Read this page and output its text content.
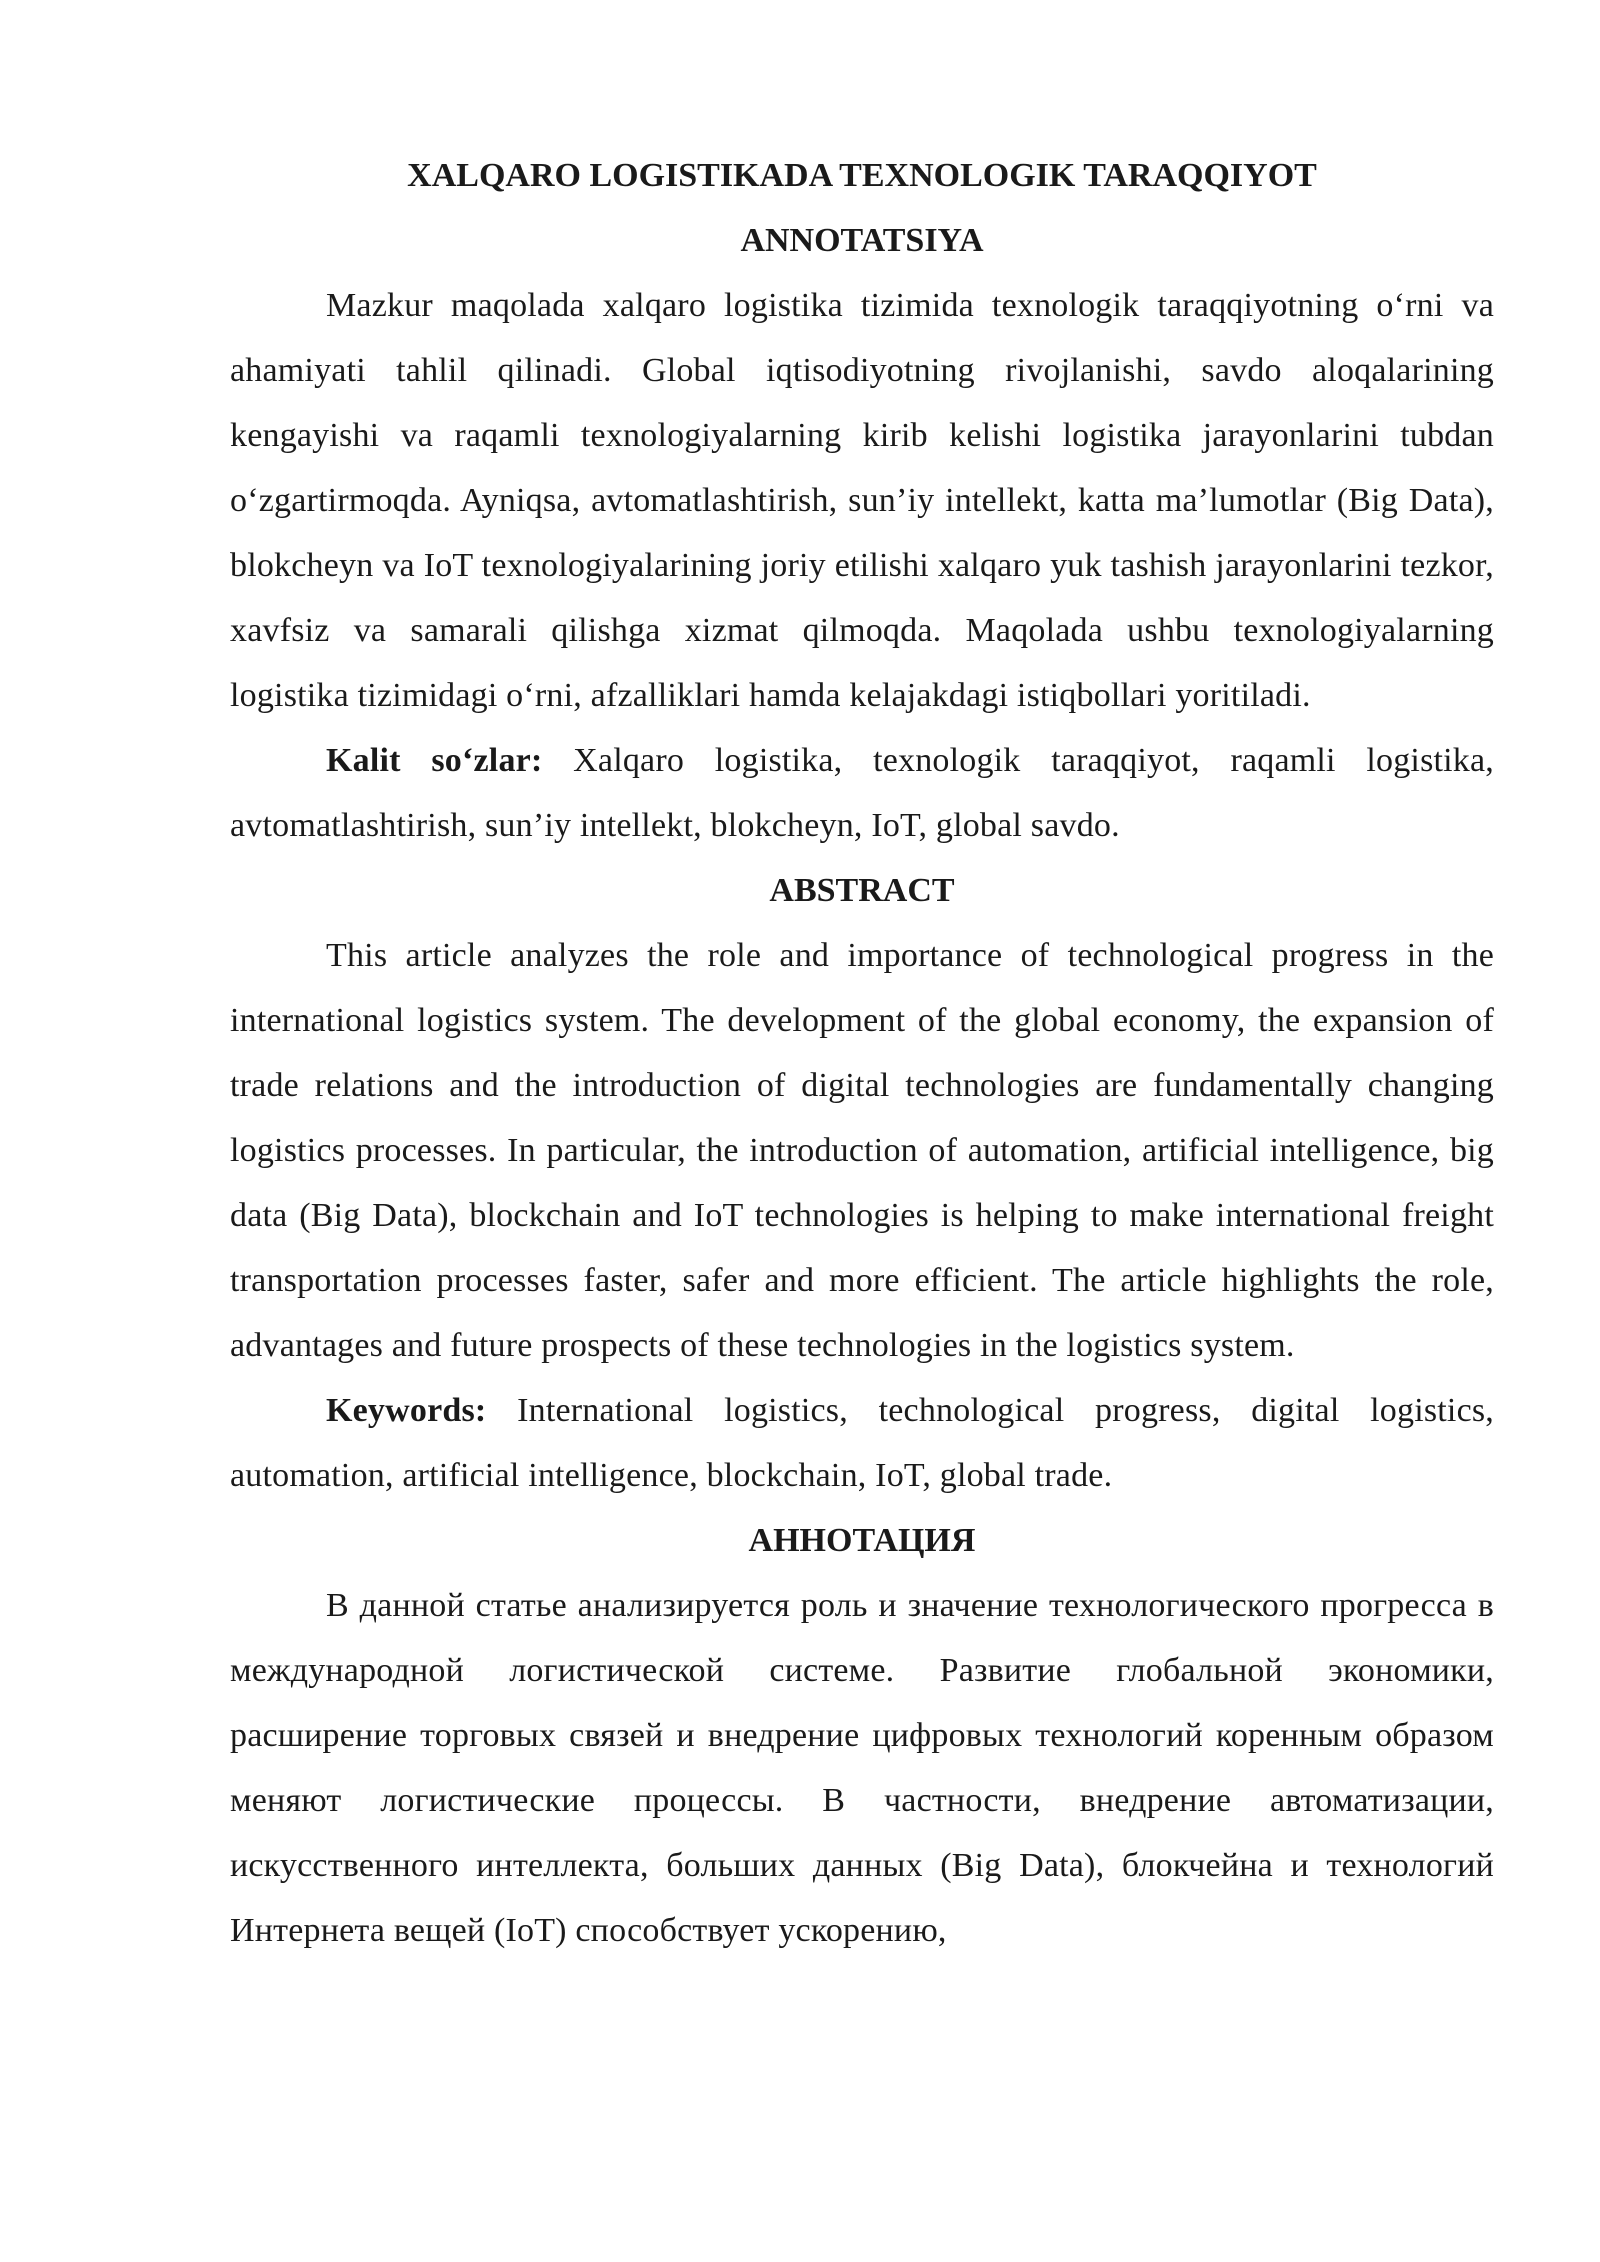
XALQARO LOGISTIKADA TEXNOLOGIK TARAQQIYOT

ANNOTATSIYA

Mazkur maqolada xalqaro logistika tizimida texnologik taraqqiyotning o‘rni va ahamiyati tahlil qilinadi. Global iqtisodiyotning rivojlanishi, savdo aloqalarining kengayishi va raqamli texnologiyalarning kirib kelishi logistika jarayonlarini tubdan o‘zgartirmoqda. Ayniqsa, avtomatlashtirish, sun’iy intellekt, katta ma’lumotlar (Big Data), blokcheyn va IoT texnologiyalarining joriy etilishi xalqaro yuk tashish jarayonlarini tezkor, xavfsiz va samarali qilishga xizmat qilmoqda. Maqolada ushbu texnologiyalarning logistika tizimidagi o‘rni, afzalliklari hamda kelajakdagi istiqbollari yoritiladi.

Kalit so‘zlar: Xalqaro logistika, texnologik taraqqiyot, raqamli logistika, avtomatlashtirish, sun’iy intellekt, blokcheyn, IoT, global savdo.

ABSTRACT

This article analyzes the role and importance of technological progress in the international logistics system. The development of the global economy, the expansion of trade relations and the introduction of digital technologies are fundamentally changing logistics processes. In particular, the introduction of automation, artificial intelligence, big data (Big Data), blockchain and IoT technologies is helping to make international freight transportation processes faster, safer and more efficient. The article highlights the role, advantages and future prospects of these technologies in the logistics system.

Keywords: International logistics, technological progress, digital logistics, automation, artificial intelligence, blockchain, IoT, global trade.

АННОТАЦИЯ

В данной статье анализируется роль и значение технологического прогресса в международной логистической системе. Развитие глобальной экономики, расширение торговых связей и внедрение цифровых технологий коренным образом меняют логистические процессы. В частности, внедрение автоматизации, искусственного интеллекта, больших данных (Big Data), блокчейна и технологий Интернета вещей (IoT) способствует ускорению,
